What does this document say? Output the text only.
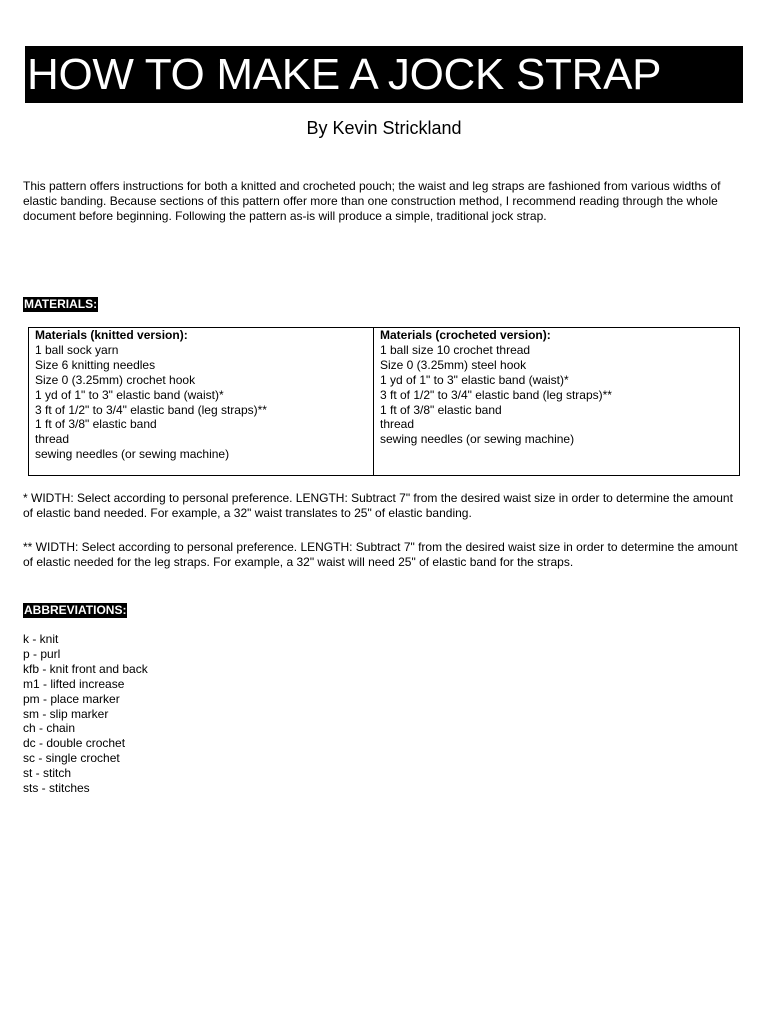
HOW TO MAKE A JOCK STRAP
By Kevin Strickland

This pattern offers instructions for both a knitted and crocheted pouch; the waist and leg straps are fashioned from various widths of elastic banding. Because sections of this pattern offer more than one construction method, I recommend reading through the whole document before beginning. Following the pattern as-is will produce a simple, traditional jock strap.

MATERIALS:
Materials (knitted version):
1 ball sock yarn
Size 6 knitting needles
Size 0 (3.25mm) crochet hook
1 yd of 1" to 3" elastic band (waist)*
3 ft of 1/2" to 3/4" elastic band (leg straps)**
1 ft of 3/8" elastic band
thread
sewing needles (or sewing machine)
Materials (crocheted version):
1 ball size 10 crochet thread
Size 0 (3.25mm) steel hook
1 yd of 1" to 3" elastic band (waist)*
3 ft of 1/2" to 3/4" elastic band (leg straps)**
1 ft of 3/8" elastic band
thread
sewing needles (or sewing machine)

* WIDTH: Select according to personal preference. LENGTH: Subtract 7" from the desired waist size in order to determine the amount of elastic band needed. For example, a 32" waist translates to 25" of elastic banding.

** WIDTH: Select according to personal preference. LENGTH: Subtract 7" from the desired waist size in order to determine the amount of elastic needed for the leg straps. For example, a 32" waist will need 25" of elastic band for the straps.

ABBREVIATIONS:
k - knit
p - purl
kfb - knit front and back
m1 - lifted increase
pm - place marker
sm - slip marker
ch - chain
dc - double crochet
sc - single crochet
st - stitch
sts - stitches
